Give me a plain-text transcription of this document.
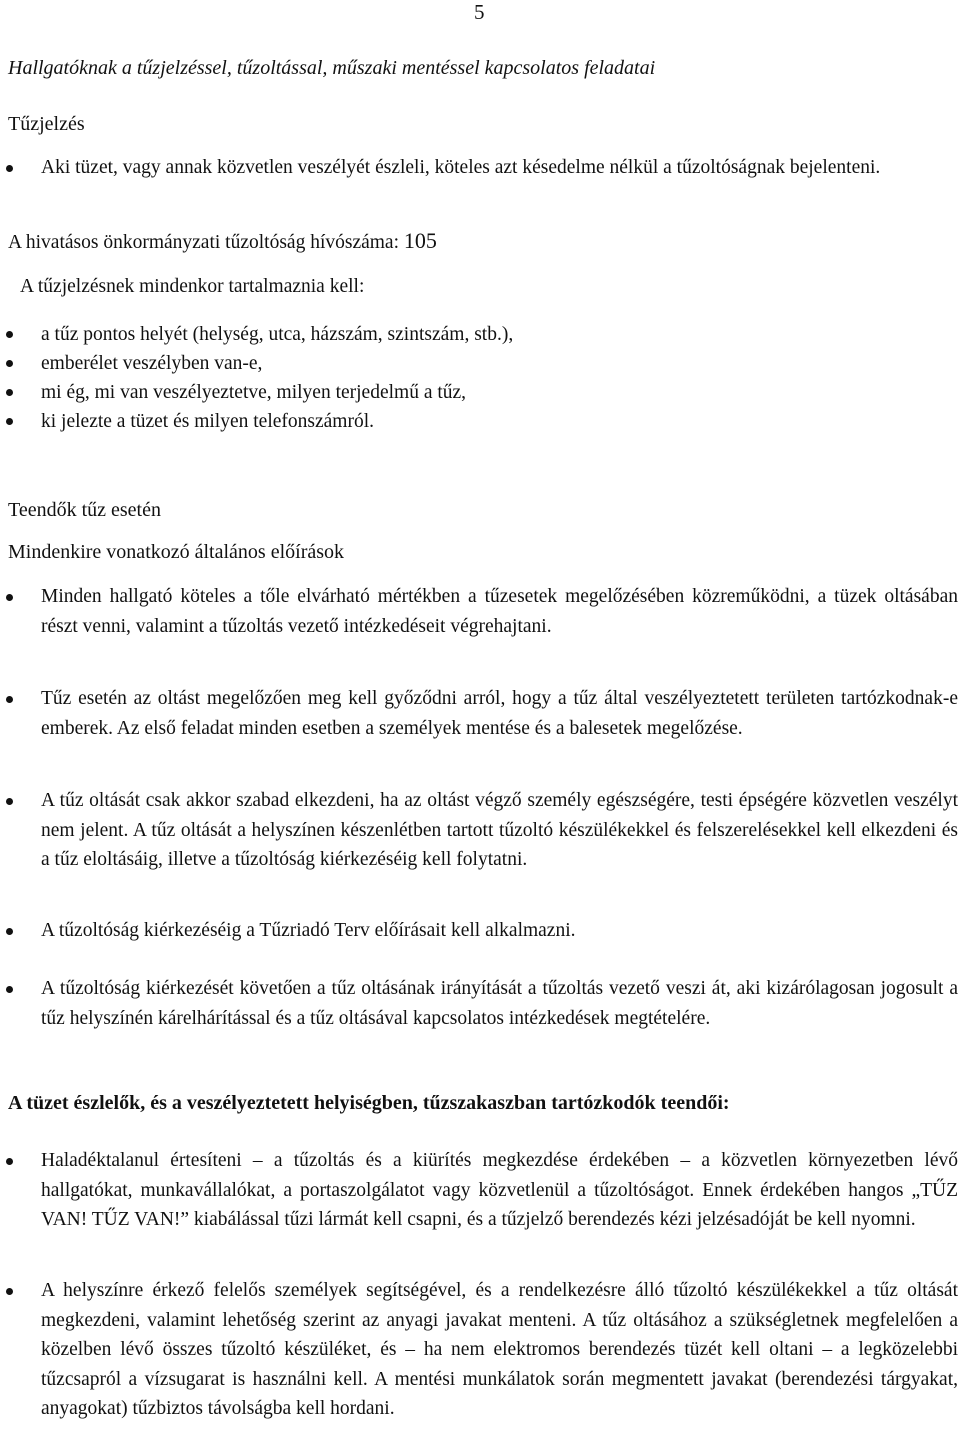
5
Hallgatóknak a tűzjelzéssel, tűzoltással, műszaki mentéssel kapcsolatos feladatai
Tűzjelzés
Aki tüzet, vagy annak közvetlen veszélyét észleli, köteles azt késedelme nélkül a tűzoltóságnak bejelenteni.

A hivatásos önkormányzati tűzoltóság hívószáma: 105

A tűzjelzésnek mindenkor tartalmaznia kell:

a tűz pontos helyét (helység, utca, házszám, szintszám, stb.),
emberélet veszélyben van-e,
mi ég, mi van veszélyeztetve, milyen terjedelmű a tűz,
ki jelezte a tüzet és milyen telefonszámról.
Teendők tűz esetén
Mindenkire vonatkozó általános előírások
Minden hallgató köteles a tőle elvárható mértékben a tűzesetek megelőzésében közreműködni, a tüzek oltásában részt venni, valamint a tűzoltás vezető intézkedéseit végrehajtani.
Tűz esetén az oltást megelőzően meg kell győződni arról, hogy a tűz által veszélyeztetett területen tartózkodnak-e emberek. Az első feladat minden esetben a személyek mentése és a balesetek megelőzése.
A tűz oltását csak akkor szabad elkezdeni, ha az oltást végző személy egészségére, testi épségére közvetlen veszélyt nem jelent. A tűz oltását a helyszínen készenlétben tartott tűzoltó készülékekkel és felszerelésekkel kell elkezdeni és a tűz eloltásáig, illetve a tűzoltóság kiérkezéséig kell folytatni.
A tűzoltóság kiérkezéséig a Tűzriadó Terv előírásait kell alkalmazni.
A tűzoltóság kiérkezését követően a tűz oltásának irányítását a tűzoltás vezető veszi át, aki kizárólagosan jogosult a tűz helyszínén kárelhárítással és a tűz oltásával kapcsolatos intézkedések megtételére.
A tüzet észlelők, és a veszélyeztetett helyiségben, tűzszakaszban tartózkodók teendői:
Haladéktalanul értesíteni – a tűzoltás és a kiürítés megkezdése érdekében – a közvetlen környezetben lévő hallgatókat, munkavállalókat, a portaszolgálatot vagy közvetlenül a tűzoltóságot. Ennek érdekében hangos „TŰZ VAN! TŰZ VAN!” kiabálással tűzi lármát kell csapni, és a tűzjelző berendezés kézi jelzésadóját be kell nyomni.
A helyszínre érkező felelős személyek segítségével, és a rendelkezésre álló tűzoltó készülékekkel a tűz oltását megkezdeni, valamint lehetőség szerint az anyagi javakat menteni. A tűz oltásához a szükségletnek megfelelően a közelben lévő összes tűzoltó készüléket, és – ha nem elektromos berendezés tüzét kell oltani – a legközelebbi tűzcsapról a vízsugarat is használni kell. A mentési munkálatok során megmentett javakat (berendezési tárgyakat, anyagokat) tűzbiztos távolságba kell hordani.
